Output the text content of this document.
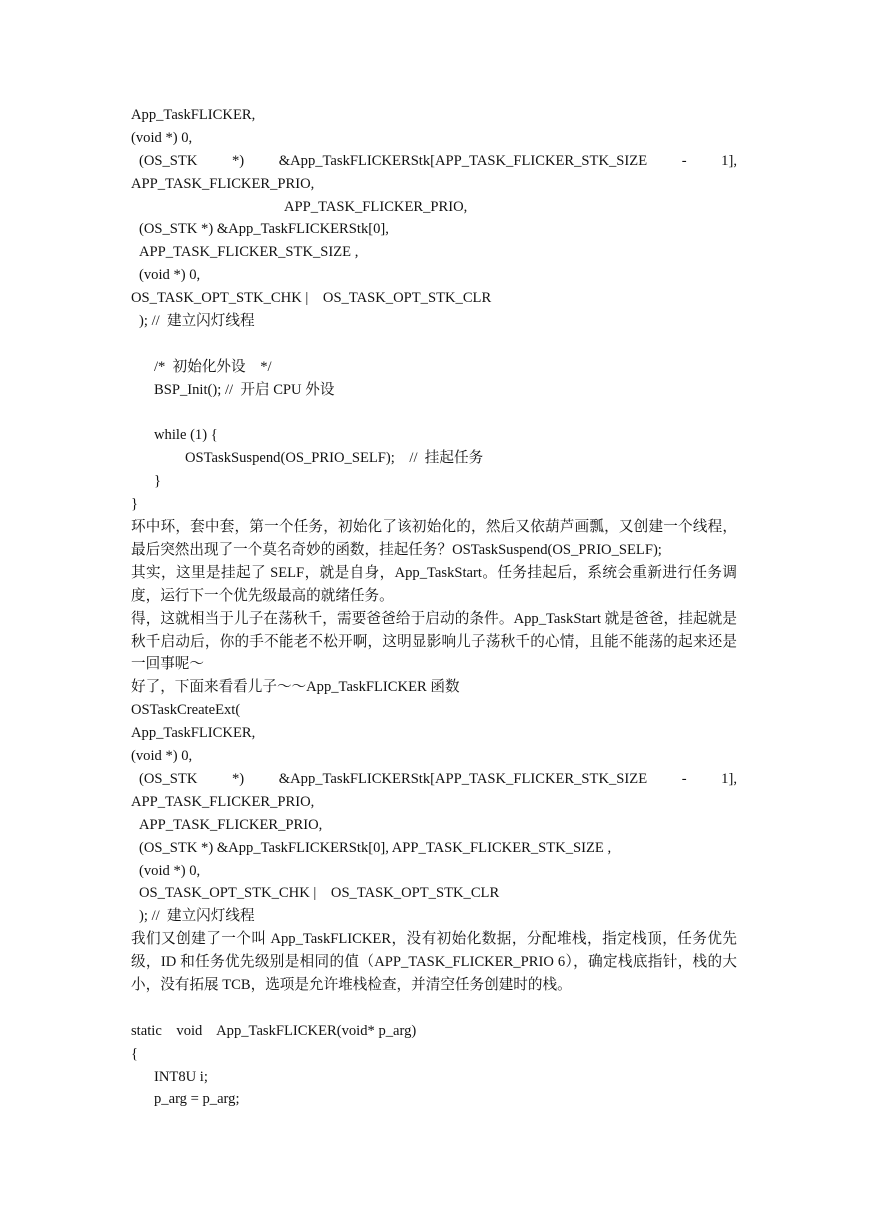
App_TaskFLICKER,
(void *) 0,
(OS_STK *) &App_TaskFLICKERStk[APP_TASK_FLICKER_STK_SIZE - 1],
APP_TASK_FLICKER_PRIO,
APP_TASK_FLICKER_PRIO,
(OS_STK *) &App_TaskFLICKERStk[0],
APP_TASK_FLICKER_STK_SIZE ,
(void *) 0,
OS_TASK_OPT_STK_CHK |    OS_TASK_OPT_STK_CLR
); //  建立闪灯线程
/*  初始化外设    */
BSP_Init(); //  开启 CPU 外设
while (1) {
OSTaskSuspend(OS_PRIO_SELF);    //  挂起任务
}
}
环中环，套中套，第一个任务，初始化了该初始化的，然后又依葫芦画瓢，又创建一个线程，最后突然出现了一个莫名奇妙的函数，挂起任务？OSTaskSuspend(OS_PRIO_SELF);
其实，这里是挂起了 SELF，就是自身，App_TaskStart。任务挂起后，系统会重新进行任务调度，运行下一个优先级最高的就绪任务。
得，这就相当于儿子在荡秋千，需要爸爸给于启动的条件。App_TaskStart 就是爸爸，挂起就是秋千启动后，你的手不能老不松开啊，这明显影响儿子荡秋千的心情，且能不能荡的起来还是一回事呢～
好了，下面来看看儿子～～App_TaskFLICKER 函数
OSTaskCreateExt(
App_TaskFLICKER,
(void *) 0,
(OS_STK *) &App_TaskFLICKERStk[APP_TASK_FLICKER_STK_SIZE - 1],
APP_TASK_FLICKER_PRIO,
APP_TASK_FLICKER_PRIO,
(OS_STK *) &App_TaskFLICKERStk[0], APP_TASK_FLICKER_STK_SIZE ,
(void *) 0,
OS_TASK_OPT_STK_CHK |    OS_TASK_OPT_STK_CLR
); //  建立闪灯线程
我们又创建了一个叫 App_TaskFLICKER，没有初始化数据，分配堆栈，指定栈顶，任务优先级，ID 和任务优先级别是相同的值（APP_TASK_FLICKER_PRIO 6），确定栈底指针，栈的大小，没有拓展 TCB，选项是允许堆栈检查，并清空任务创建时的栈。
static    void    App_TaskFLICKER(void* p_arg)
{
INT8U i;
p_arg = p_arg;
